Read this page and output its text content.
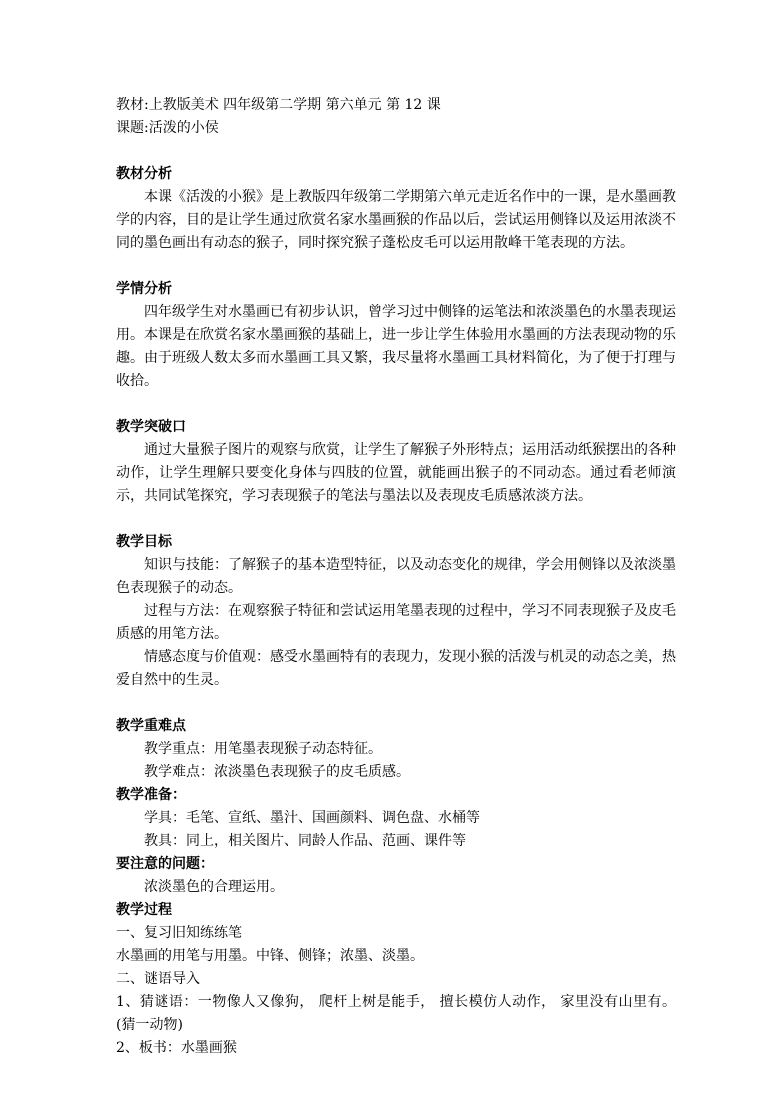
教材:上教版美术 四年级第二学期 第六单元 第 12 课

课题:活泼的小侯

教材分析

本课《活泼的小猴》是上教版四年级第二学期第六单元走近名作中的一课，是水墨画教学的内容，目的是让学生通过欣赏名家水墨画猴的作品以后，尝试运用侧锋以及运用浓淡不同的墨色画出有动态的猴子，同时探究猴子蓬松皮毛可以运用散峰干笔表现的方法。

学情分析

四年级学生对水墨画已有初步认识，曾学习过中侧锋的运笔法和浓淡墨色的水墨表现运用。本课是在欣赏名家水墨画猴的基础上，进一步让学生体验用水墨画的方法表现动物的乐趣。由于班级人数太多而水墨画工具又繁，我尽量将水墨画工具材料简化，为了便于打理与收拾。

教学突破口

通过大量猴子图片的观察与欣赏，让学生了解猴子外形特点；运用活动纸猴摆出的各种动作，让学生理解只要变化身体与四肢的位置，就能画出猴子的不同动态。通过看老师演示，共同试笔探究，学习表现猴子的笔法与墨法以及表现皮毛质感浓淡方法。

教学目标

知识与技能：了解猴子的基本造型特征，以及动态变化的规律，学会用侧锋以及浓淡墨色表现猴子的动态。

过程与方法：在观察猴子特征和尝试运用笔墨表现的过程中，学习不同表现猴子及皮毛质感的用笔方法。

情感态度与价值观：感受水墨画特有的表现力，发现小猴的活泼与机灵的动态之美，热爱自然中的生灵。

教学重难点

教学重点：用笔墨表现猴子动态特征。

教学难点：浓淡墨色表现猴子的皮毛质感。

教学准备：

学具：毛笔、宣纸、墨汁、国画颜料、调色盘、水桶等

教具：同上，相关图片、同龄人作品、范画、课件等

要注意的问题：

浓淡墨色的合理运用。

教学过程

一、复习旧知练练笔

水墨画的用笔与用墨。中锋、侧锋；浓墨、淡墨。

二、谜语导入

1、猜谜语：一物像人又像狗， 爬杆上树是能手， 擅长模仿人动作， 家里没有山里有。 (猜一动物)

2、板书：水墨画猴
